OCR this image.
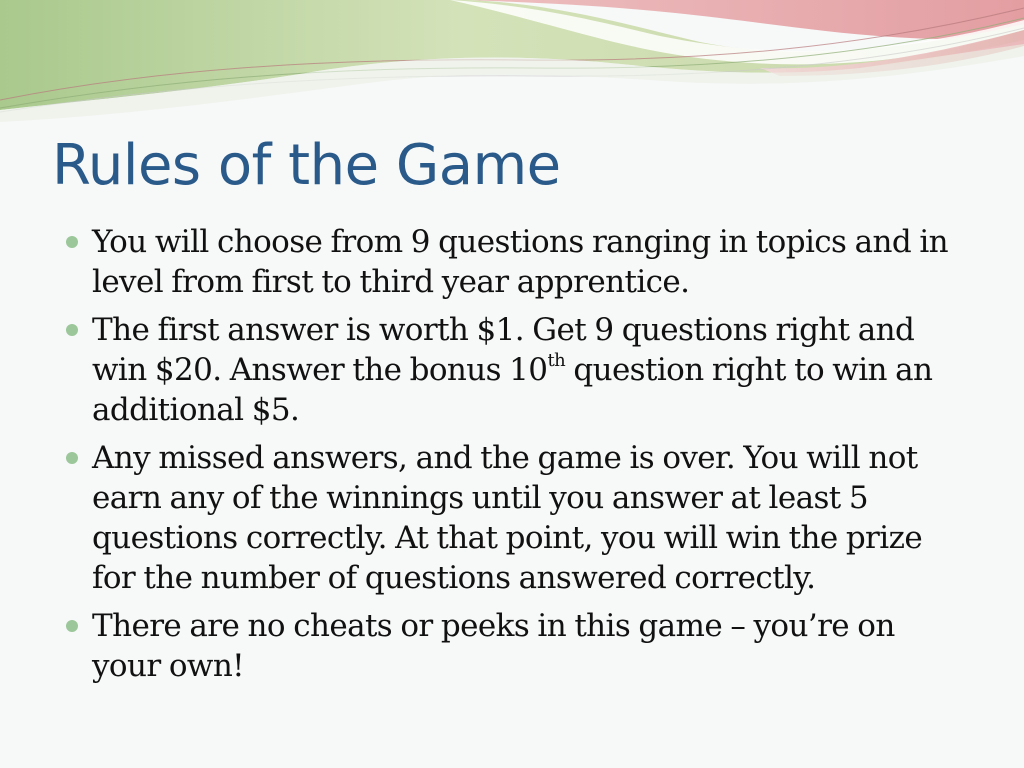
Rules of the Game
You will choose from 9 questions ranging in topics and in level from first to third year apprentice.
The first answer is worth $1. Get 9 questions right and win $20. Answer the bonus 10th question right to win an additional $5.
Any missed answers, and the game is over. You will not earn any of the winnings until you answer at least 5 questions correctly. At that point, you will win the prize for the number of questions answered correctly.
There are no cheats or peeks in this game – you’re on your own!
